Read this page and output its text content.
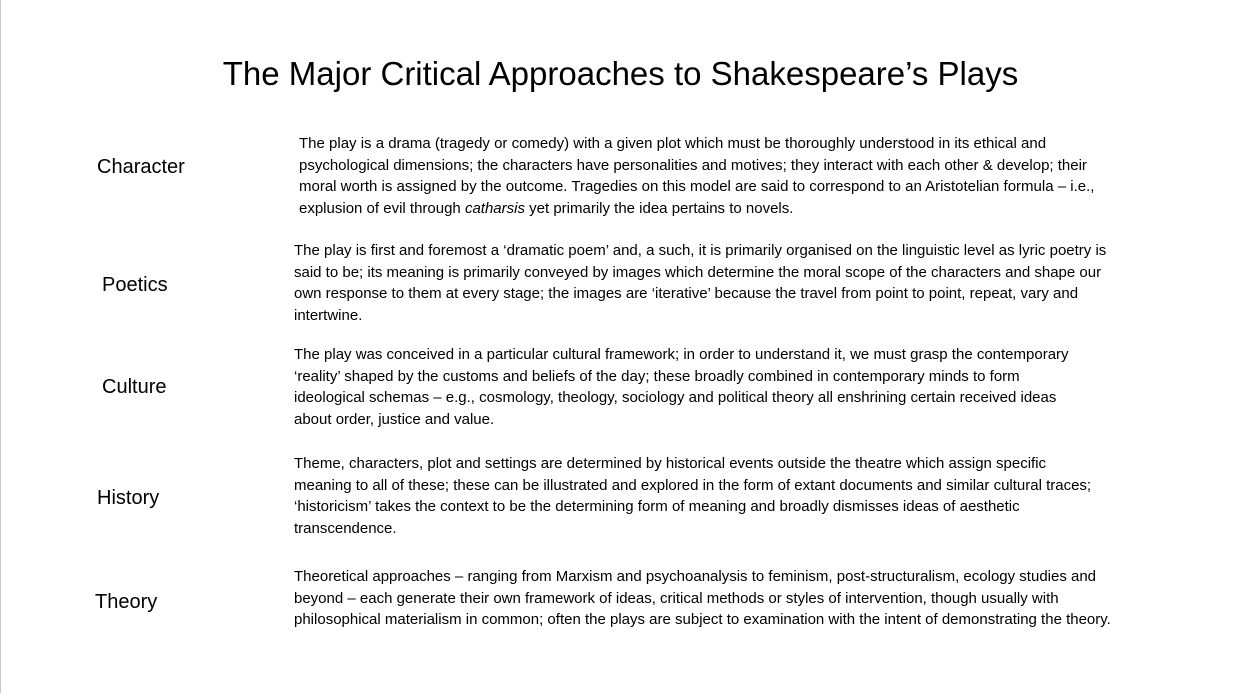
The Major Critical Approaches to Shakespeare’s Plays
Character

The play is a drama (tragedy or comedy) with a given plot which must be thoroughly understood in its ethical and psychological dimensions; the characters have personalities and motives; they interact with each other & develop; their moral worth is assigned by the outcome. Tragedies on this model are said to correspond to an Aristotelian formula – i.e., explusion of evil through catharsis yet primarily the idea pertains to novels.

Poetics

The play is first and foremost a ‘dramatic poem’ and, a such, it is primarily organised on the linguistic level as lyric poetry is said to be; its meaning is primarily conveyed by images which determine the moral scope of the characters and shape our own response to them at every stage; the images are ‘iterative’ because the travel from point to point, repeat, vary and intertwine.

Culture

The play was conceived in a particular cultural framework; in order to understand it, we must grasp the contemporary ‘reality’ shaped by the customs and beliefs of the day; these broadly combined in contemporary minds to form ideological schemas – e.g., cosmology, theology, sociology and political theory all enshrining certain received ideas about order, justice and value.

History

Theme, characters, plot and settings are determined by historical events outside the theatre which assign specific meaning to all of these; these can be illustrated and explored in the form of extant documents and similar cultural traces; ‘historicism’ takes the context to be the determining form of meaning and broadly dismisses ideas of aesthetic transcendence.

Theory

Theoretical approaches – ranging from Marxism and psychoanalysis to feminism, post-structuralism, ecology studies and beyond – each generate their own framework of ideas, critical methods or styles of intervention, though usually with philosophical materialism in common; often the plays are subject to examination with the intent of demonstrating the theory.
